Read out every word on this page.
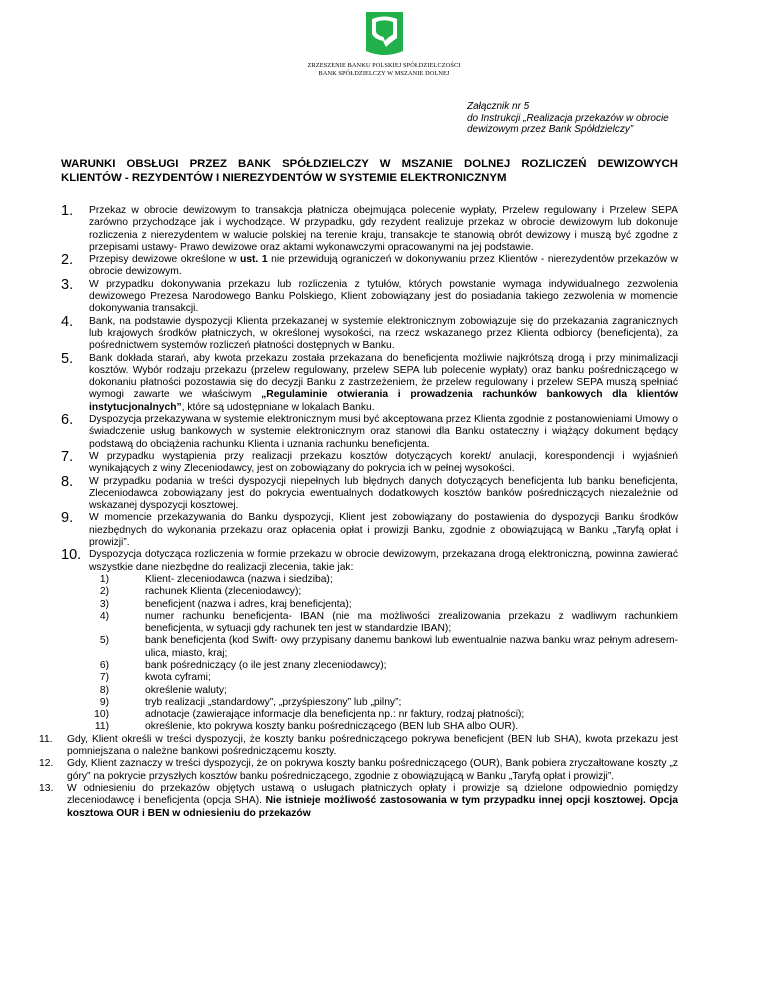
ZRZESZENIE BANKU POLSKIEJ SPÓŁDZIELCZOŚCI
BANK SPÓŁDZIELCZY W MSZANIE DOLNEJ
Załącznik nr 5
do Instrukcji „Realizacja przekazów w obrocie
dewizowym przez Bank Spółdzielczy”
WARUNKI OBSŁUGI PRZEZ BANK SPÓŁDZIELCZY W MSZANIE DOLNEJ ROZLICZEŃ DEWIZOWYCH
KLIENTÓW - REZYDENTÓW I NIEREZYDENTÓW W SYSTEMIE ELEKTRONICZNYM
1. Przekaz w obrocie dewizowym to transakcja płatnicza obejmująca polecenie wypłaty, Przelew regulowany i Przelew SEPA zarówno przychodzące jak i wychodzące. W przypadku, gdy rezydent realizuje przekaz w obrocie dewizowym lub dokonuje rozliczenia z nierezydentem w walucie polskiej na terenie kraju, transakcje te stanowią obrót dewizowy i muszą być zgodne z przepisami ustawy- Prawo dewizowe oraz aktami wykonawczymi opracowanymi na jej podstawie.
2. Przepisy dewizowe określone w ust. 1 nie przewidują ograniczeń w dokonywaniu przez Klientów - nierezydentów przekazów w obrocie dewizowym.
3. W przypadku dokonywania przekazu lub rozliczenia z tytułów, których powstanie wymaga indywidualnego zezwolenia dewizowego Prezesa Narodowego Banku Polskiego, Klient zobowiązany jest do posiadania takiego zezwolenia w momencie dokonywania transakcji.
4. Bank, na podstawie dyspozycji Klienta przekazanej w systemie elektronicznym zobowiązuje się do przekazania zagranicznych lub krajowych środków płatniczych, w określonej wysokości, na rzecz wskazanego przez Klienta odbiorcy (beneficjenta), za pośrednictwem systemów rozliczeń płatności dostępnych w Banku.
5. Bank dokłada starań, aby kwota przekazu została przekazana do beneficjenta możliwie najkrótszą drogą i przy minimalizacji kosztów. Wybór rodzaju przekazu (przelew regulowany, przelew SEPA lub polecenie wypłaty) oraz banku pośredniczącego w dokonaniu płatności pozostawia się do decyzji Banku z zastrzeżeniem, że przelew regulowany i przelew SEPA muszą spełniać wymogi zawarte we właściwym „Regulaminie otwierania i prowadzenia rachunków bankowych dla klientów instytucjonalnych”, które są udostępniane w lokalach Banku.
6. Dyspozycja przekazywana w systemie elektronicznym musi być akceptowana przez Klienta zgodnie z postanowieniami Umowy o świadczenie usług bankowych w systemie elektronicznym oraz stanowi dla Banku ostateczny i wiążący dokument będący podstawą do obciążenia rachunku Klienta i uznania rachunku beneficjenta.
7. W przypadku wystąpienia przy realizacji przekazu kosztów dotyczących korekt/ anulacji, korespondencji i wyjaśnień wynikających z winy Zleceniodawcy, jest on zobowiązany do pokrycia ich w pełnej wysokości.
8. W przypadku podania w treści dyspozycji niepełnych lub błędnych danych dotyczących beneficjenta lub banku beneficjenta, Zleceniodawca zobowiązany jest do pokrycia ewentualnych dodatkowych kosztów banków pośredniczących niezależnie od wskazanej dyspozycji kosztowej.
9. W momencie przekazywania do Banku dyspozycji, Klient jest zobowiązany do postawienia do dyspozycji Banku środków niezbędnych do wykonania przekazu oraz opłacenia opłat i prowizji Banku, zgodnie z obowiązującą w Banku „Taryfą opłat i prowizji”.
10. Dyspozycja dotycząca rozliczenia w formie przekazu w obrocie dewizowym, przekazana drogą elektroniczną, powinna zawierać wszystkie dane niezbędne do realizacji zlecenia, takie jak:
1)	Klient- zleceniodawca (nazwa i siedziba);
2)	rachunek Klienta (zleceniodawcy);
3)	beneficjent (nazwa i adres, kraj beneficjenta);
4)	numer rachunku beneficjenta- IBAN (nie ma możliwości zrealizowania przekazu z wadliwym rachunkiem beneficjenta, w sytuacji gdy rachunek ten jest w standardzie IBAN);
5)	bank beneficjenta (kod Swift- owy przypisany danemu bankowi lub ewentualnie nazwa banku wraz pełnym adresem- ulica, miasto, kraj;
6)	bank pośredniczący (o ile jest znany zleceniodawcy);
7)	kwota cyframi;
8)	określenie waluty;
9)	tryb realizacji „standardowy”, „przyśpieszony” lub „pilny”;
10)	adnotacje (zawierające informacje dla beneficjenta np.: nr faktury, rodzaj płatności);
11)	określenie, kto pokrywa koszty banku pośredniczącego (BEN lub SHA albo OUR).
11. Gdy, Klient określi w treści dyspozycji, że koszty banku pośredniczącego pokrywa beneficjent (BEN lub SHA), kwota przekazu jest pomniejszana o należne bankowi pośredniczącemu koszty.
12. Gdy, Klient zaznaczy w treści dyspozycji, że on pokrywa koszty banku pośredniczącego (OUR), Bank pobiera zryczałtowane koszty „z góry” na pokrycie przyszłych kosztów banku pośredniczącego, zgodnie z obowiązującą w Banku „Taryfą opłat i prowizji”.
13. W odniesieniu do przekazów objętych ustawą o usługach płatniczych opłaty i prowizje są dzielone odpowiednio pomiędzy zleceniodawcę i beneficjenta (opcja SHA). Nie istnieje możliwość zastosowania w tym przypadku innej opcji kosztowej. Opcja kosztowa OUR i BEN w odniesieniu do przekazów
